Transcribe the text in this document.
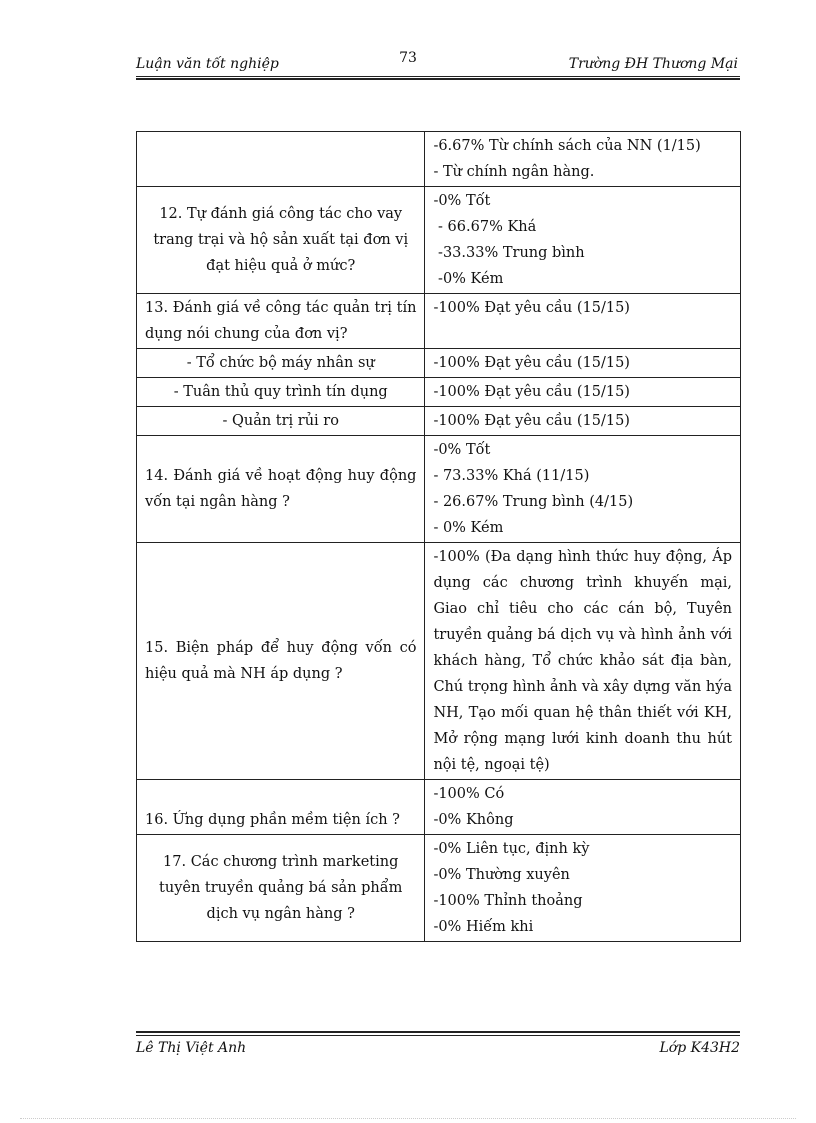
Luận văn tốt nghiệp	Trường ĐH Thương Mại
73

	-6.67% Từ chính sách của NN (1/15)
- Từ chính ngân hàng.

12. Tự đánh giá công tác cho vay trang trại và hộ sản xuất tại đơn vị đạt hiệu quả ở mức?	-0% Tốt
- 66.67% Khá
-33.33% Trung bình
-0% Kém

13. Đánh giá về công tác quản trị tín dụng nói chung của đơn vị?	-100% Đạt yêu cầu (15/15)

- Tổ chức bộ máy nhân sự	-100% Đạt yêu cầu (15/15)

- Tuân thủ quy trình tín dụng	-100% Đạt yêu cầu (15/15)

- Quản trị rủi ro	-100% Đạt yêu cầu (15/15)

14. Đánh giá về hoạt động huy động vốn tại ngân hàng ?	-0% Tốt
- 73.33% Khá (11/15)
- 26.67% Trung bình (4/15)
- 0% Kém

15. Biện pháp để huy động vốn có hiệu quả mà NH áp dụng ?	-100% (Đa dạng hình thức huy động, Áp dụng các chương trình khuyến mại, Giao chỉ tiêu cho các cán bộ, Tuyên truyền quảng bá dịch vụ và hình ảnh với khách hàng, Tổ chức khảo sát địa bàn, Chú trọng hình ảnh và xây dựng văn hýa NH, Tạo mối quan hệ thân thiết với KH, Mở rộng mạng lưới kinh doanh thu hút nội tệ, ngoại tệ)

16. Ứng dụng phần mềm tiện ích ?	-100% Có
-0% Không

17. Các chương trình marketing tuyên truyền quảng bá sản phẩm dịch vụ ngân hàng ?	-0% Liên tục, định kỳ
-0% Thường xuyên
-100% Thỉnh thoảng
-0% Hiếm khi
Lê Thị Việt Anh	Lớp K43H2
